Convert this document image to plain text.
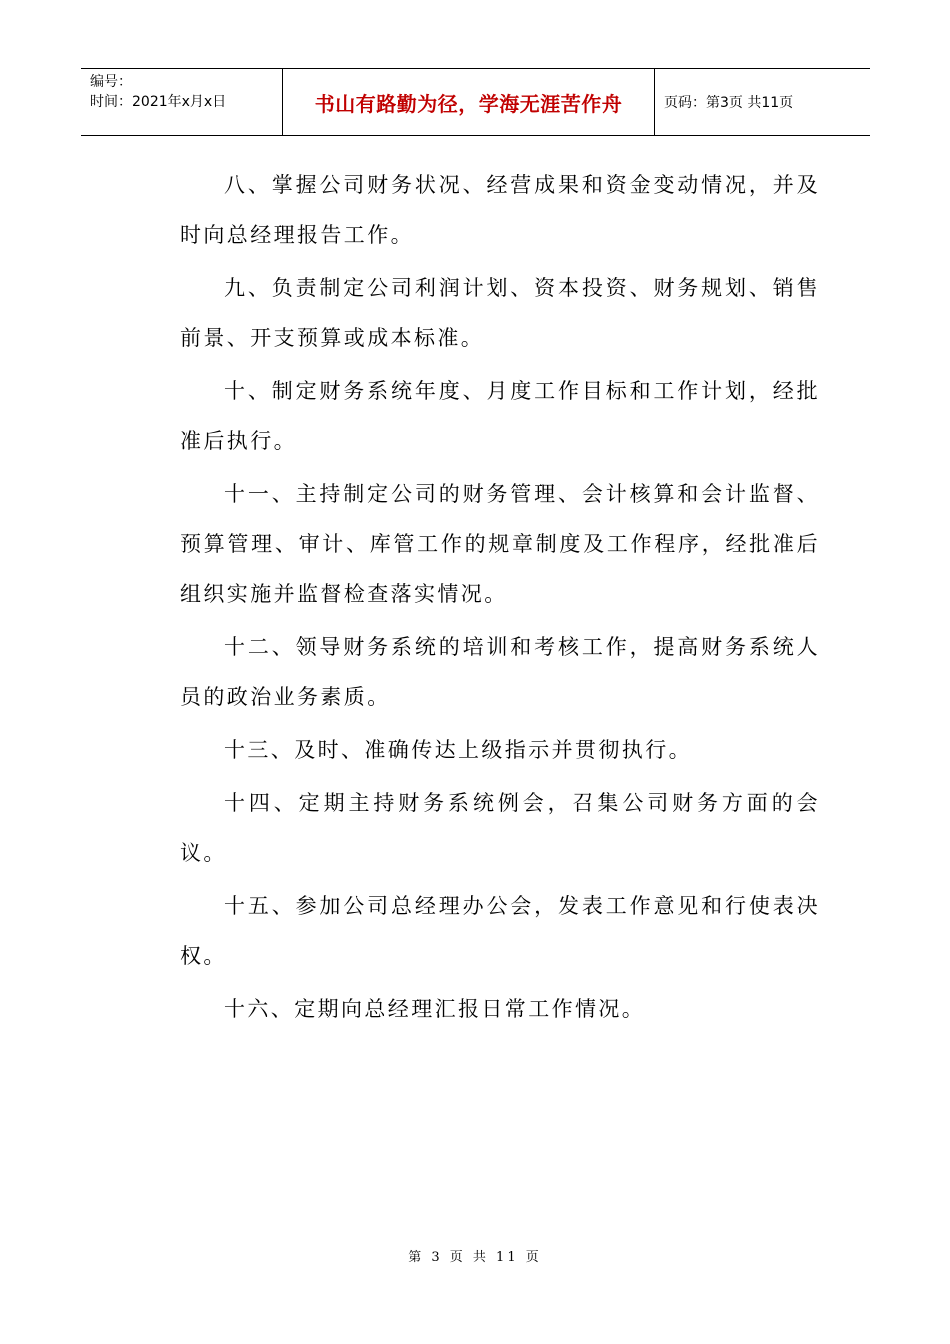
编号：
时间：2021年x月x日	书山有路勤为径，学海无涯苦作舟	页码：第3页 共11页

八、掌握公司财务状况、经营成果和资金变动情况，并及时向总经理报告工作。

九、负责制定公司利润计划、资本投资、财务规划、销售前景、开支预算或成本标准。

十、制定财务系统年度、月度工作目标和工作计划，经批准后执行。

十一、主持制定公司的财务管理、会计核算和会计监督、预算管理、审计、库管工作的规章制度及工作程序，经批准后组织实施并监督检查落实情况。

十二、领导财务系统的培训和考核工作，提高财务系统人员的政治业务素质。

十三、及时、准确传达上级指示并贯彻执行。

十四、定期主持财务系统例会，召集公司财务方面的会议。

十五、参加公司总经理办公会，发表工作意见和行使表决权。

十六、定期向总经理汇报日常工作情况。

第 3 页 共 11 页
